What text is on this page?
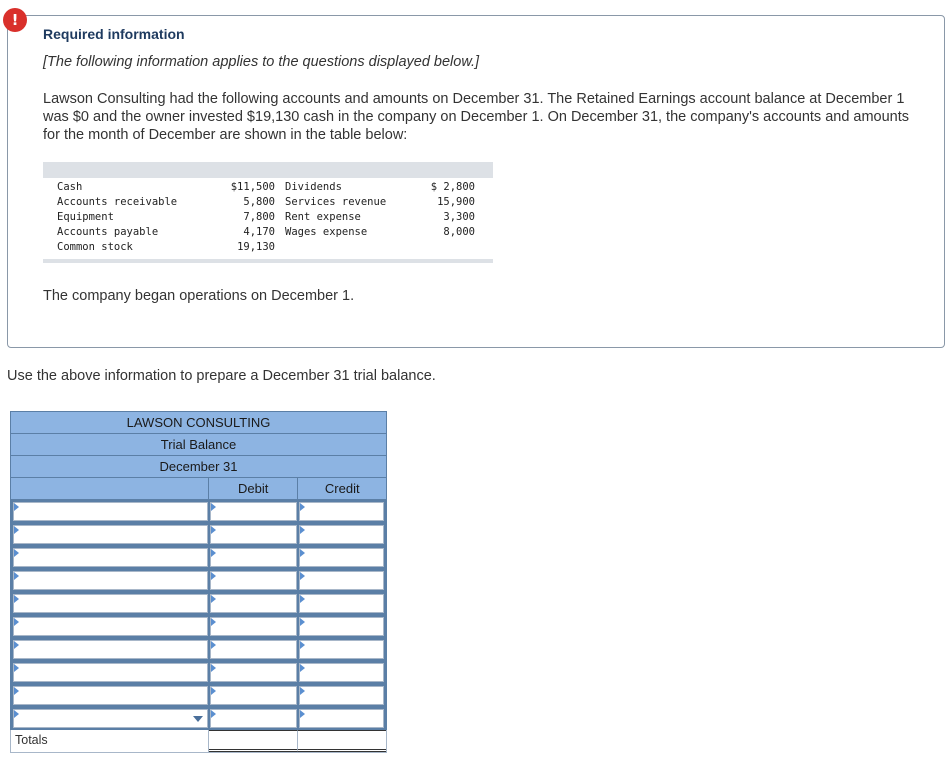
!
Required information
[The following information applies to the questions displayed below.]
Lawson Consulting had the following accounts and amounts on December 31. The Retained Earnings account balance at December 1 was $0 and the owner invested $19,130 cash in the company on December 1. On December 31, the company's accounts and amounts for the month of December are shown in the table below:
Cash	$11,500 Dividends	$ 2,800
Accounts receivable	5,800 Services revenue	15,900
Equipment	7,800 Rent expense	3,300
Accounts payable	4,170 Wages expense	8,000
Common stock	19,130
The company began operations on December 1.
Use the above information to prepare a December 31 trial balance.
LAWSON CONSULTING
Trial Balance
December 31
Debit	Credit
Totals
